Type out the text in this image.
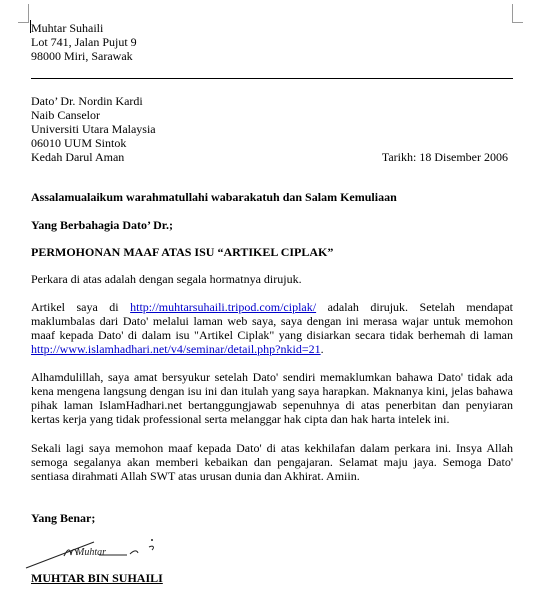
Muhtar Suhaili
Lot 741, Jalan Pujut 9
98000 Miri, Sarawak
Dato’ Dr. Nordin Kardi
Naib Canselor
Universiti Utara Malaysia
06010 UUM Sintok
Kedah Darul Aman	Tarikh: 18 Disember 2006
Assalamualaikum warahmatullahi wabarakatuh dan Salam Kemuliaan
Yang Berbahagia Dato’ Dr.;
PERMOHONAN MAAF ATAS ISU “ARTIKEL CIPLAK”
Perkara di atas adalah dengan segala hormatnya dirujuk.
Artikel saya di http://muhtarsuhaili.tripod.com/ciplak/ adalah dirujuk. Setelah mendapat maklumbalas dari Dato' melalui laman web saya, saya dengan ini merasa wajar untuk memohon maaf kepada Dato' di dalam isu "Artikel Ciplak" yang disiarkan secara tidak berhemah di laman http://www.islamhadhari.net/v4/seminar/detail.php?nkid=21.
Alhamdulillah, saya amat bersyukur setelah Dato' sendiri memaklumkan bahawa Dato' tidak ada kena mengena langsung dengan isu ini dan itulah yang saya harapkan. Maknanya kini, jelas bahawa pihak laman IslamHadhari.net bertanggungjawab sepenuhnya di atas penerbitan dan penyiaran kertas kerja yang tidak professional serta melanggar hak cipta dan hak harta intelek ini.
Sekali lagi saya memohon maaf kepada Dato' di atas kekhilafan dalam perkara ini. Insya Allah semoga segalanya akan memberi kebaikan dan pengajaran. Selamat maju jaya. Semoga Dato' sentiasa dirahmati Allah SWT atas urusan dunia dan Akhirat. Amiin.
Yang Benar;
Muhtar
MUHTAR BIN SUHAILI
